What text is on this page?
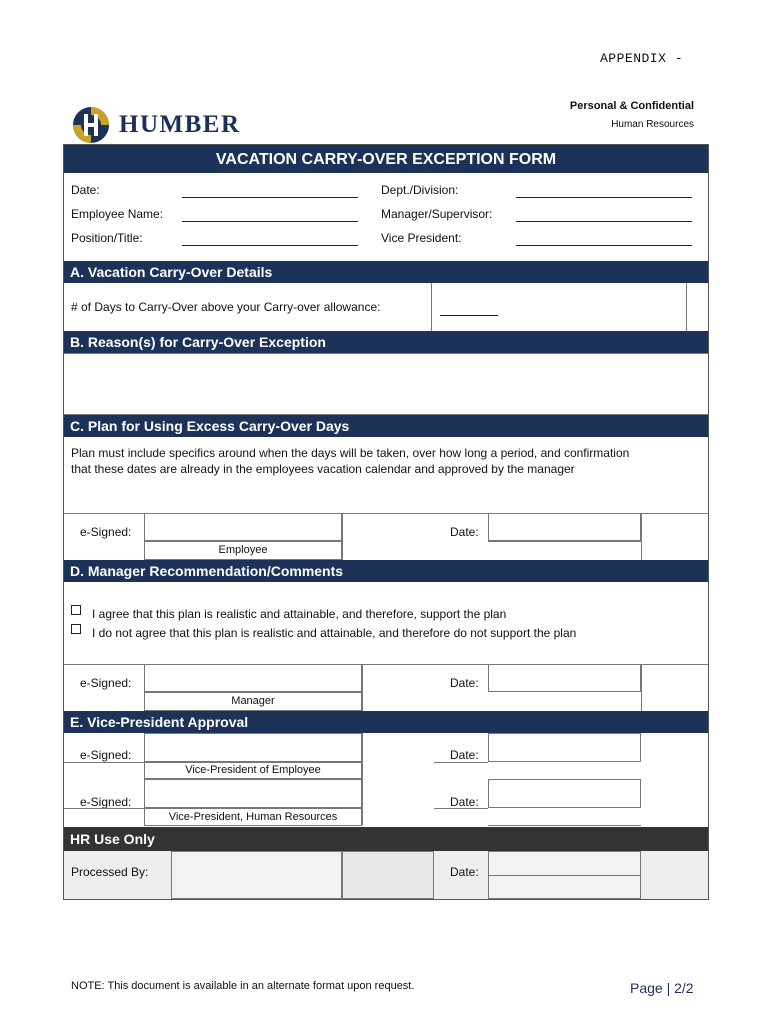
APPENDIX -
Personal & Confidential
Human Resources
HUMBER
VACATION CARRY-OVER EXCEPTION FORM
Date:	Dept./Division:
Employee Name:	Manager/Supervisor:
Position/Title:	Vice President:
A. Vacation Carry-Over Details
# of Days to Carry-Over above your Carry-over allowance:
B. Reason(s) for Carry-Over Exception
C. Plan for Using Excess Carry-Over Days
Plan must include specifics around when the days will be taken, over how long a period, and confirmation
that these dates are already in the employees vacation calendar and approved by the manager
e-Signed:
Employee
Date:
D. Manager Recommendation/Comments
I agree that this plan is realistic and attainable, and therefore, support the plan
I do not agree that this plan is realistic and attainable, and therefore do not support the plan
e-Signed:
Manager
Date:
E. Vice-President Approval
e-Signed:
Vice-President of Employee
Date:
e-Signed:
Vice-President, Human Resources
Date:
HR Use Only
Processed By:	Date:
NOTE: This document is available in an alternate format upon request.	Page | 2/2
